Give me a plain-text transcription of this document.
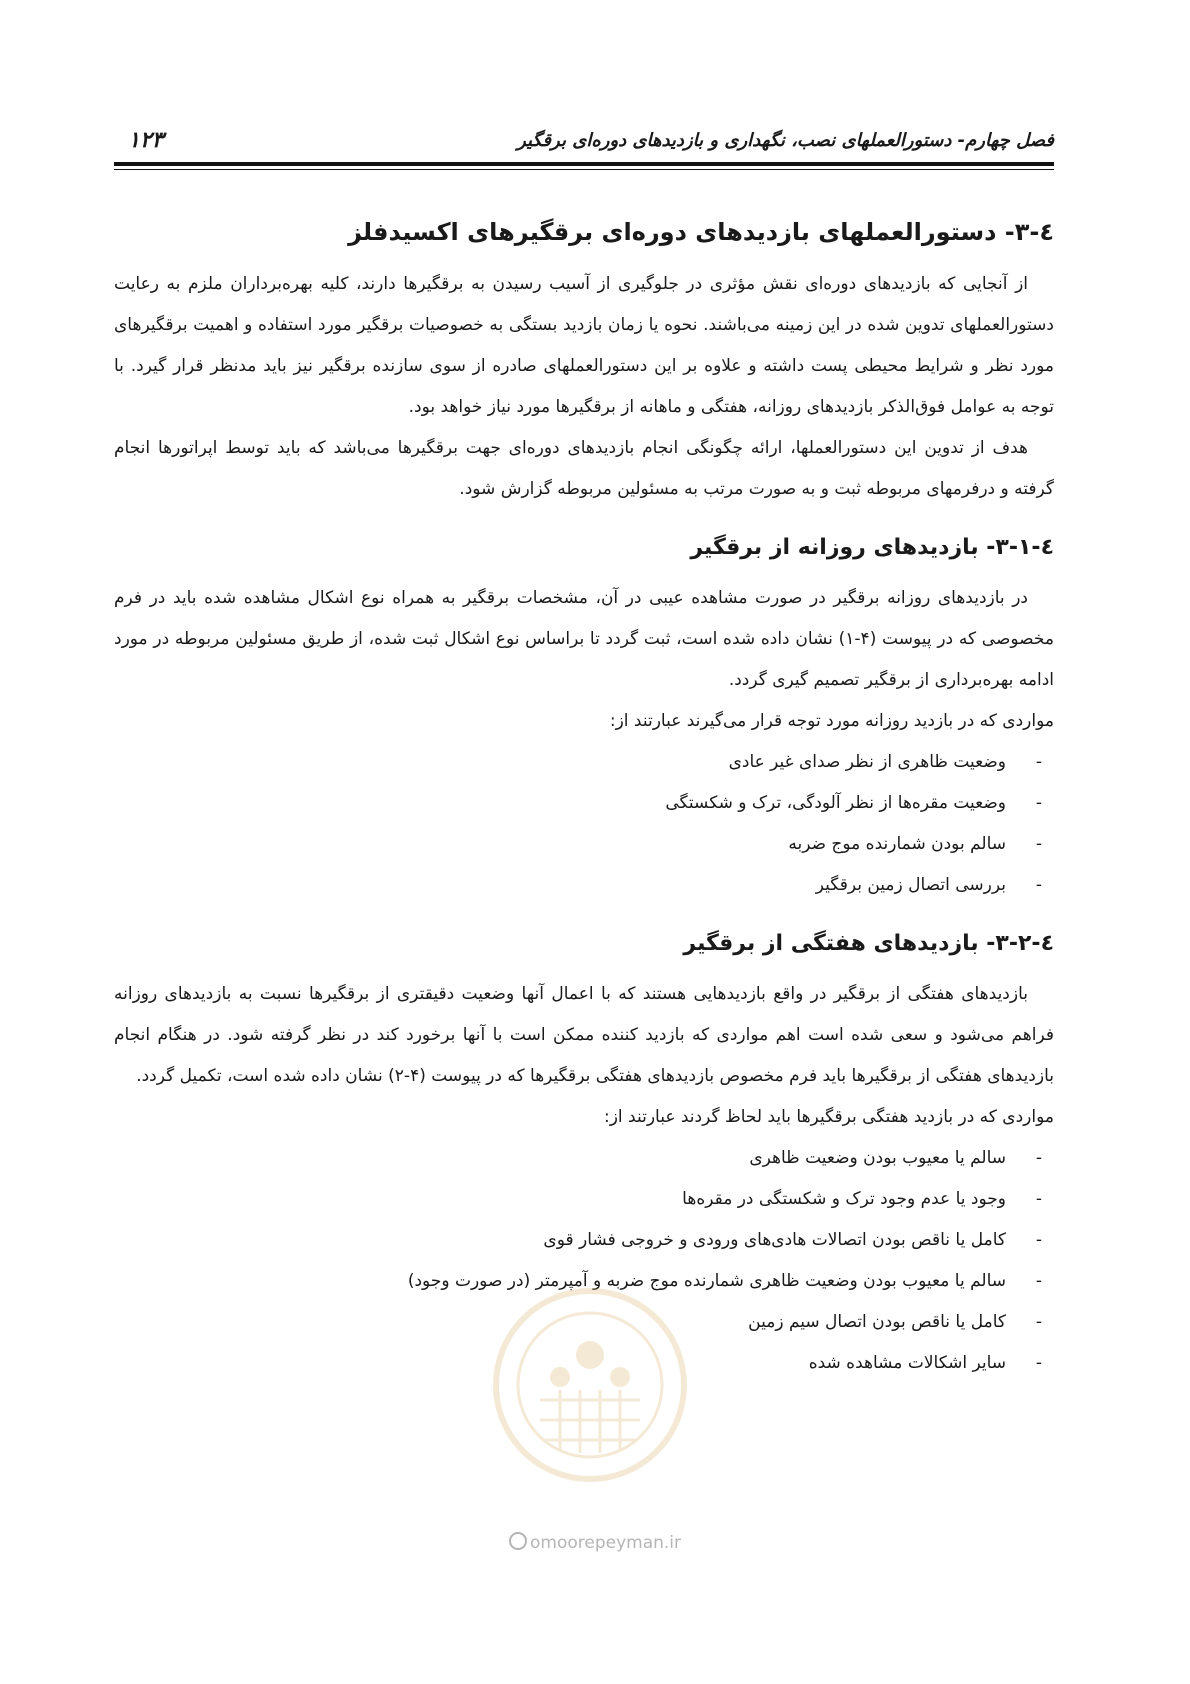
فصل چهارم- دستورالعملهای نصب، نگهداری و بازدیدهای دوره‌ای برقگیر
۱۲۳
٤-۳- دستورالعملهای بازدیدهای دوره‌ای برقگیرهای اکسیدفلز

از آنجایی که بازدیدهای دوره‌ای نقش مؤثری در جلوگیری از آسیب رسیدن به برقگیرها دارند، کلیه بهره‌برداران ملزم به رعایت دستورالعملهای تدوین شده در این زمینه می‌باشند. نحوه یا زمان بازدید بستگی به خصوصیات برقگیر مورد استفاده و اهمیت برقگیرهای مورد نظر و شرایط محیطی پست داشته و علاوه بر این دستورالعملهای صادره از سوی سازنده برقگیر نیز باید مدنظر قرار گیرد. با توجه به عوامل فوق‌الذکر بازدیدهای روزانه، هفتگی و ماهانه از برقگیرها مورد نیاز خواهد بود.

هدف از تدوین این دستورالعملها، ارائه چگونگی انجام بازدیدهای دوره‌ای جهت برقگیرها می‌باشد که باید توسط اپراتورها انجام گرفته و درفرمهای مربوطه ثبت و به صورت مرتب به مسئولین مربوطه گزارش شود.

٤-۳-۱- بازدیدهای روزانه از برقگیر

در بازدیدهای روزانه برقگیر در صورت مشاهده عیبی در آن، مشخصات برقگیر به همراه نوع اشکال مشاهده شده باید در فرم مخصوصی که در پیوست (۴-۱) نشان داده شده است، ثبت گردد تا براساس نوع اشکال ثبت شده، از طریق مسئولین مربوطه در مورد ادامه بهره‌برداری از برقگیر تصمیم گیری گردد.

مواردی که در بازدید روزانه مورد توجه قرار می‌گیرند عبارتند از:

- وضعیت ظاهری از نظر صدای غیر عادی
- وضعیت مقره‌ها از نظر آلودگی، ترک و شکستگی
- سالم بودن شمارنده موج ضربه
- بررسی اتصال زمین برقگیر
٤-۳-۲- بازدیدهای هفتگی از برقگیر

بازدیدهای هفتگی از برقگیر در واقع بازدیدهایی هستند که با اعمال آنها وضعیت دقیقتری از برقگیرها نسبت به بازدیدهای روزانه فراهم می‌شود و سعی شده است اهم مواردی که بازدید کننده ممکن است با آنها برخورد کند در نظر گرفته شود. در هنگام انجام بازدیدهای هفتگی از برقگیرها باید فرم مخصوص بازدیدهای هفتگی برقگیرها که در پیوست (۴-۲) نشان داده شده است، تکمیل گردد.

مواردی که در بازدید هفتگی برقگیرها باید لحاظ گردند عبارتند از:

- سالم یا معیوب بودن وضعیت ظاهری
- وجود یا عدم وجود ترک و شکستگی در مقره‌ها
- کامل یا ناقص بودن اتصالات هادی‌های ورودی و خروجی فشار قوی
- سالم یا معیوب بودن وضعیت ظاهری شمارنده موج ضربه و آمپرمتر (در صورت وجود)
- کامل یا ناقص بودن اتصال سیم زمین
- سایر اشکالات مشاهده شده
omoorepeyman.ir
